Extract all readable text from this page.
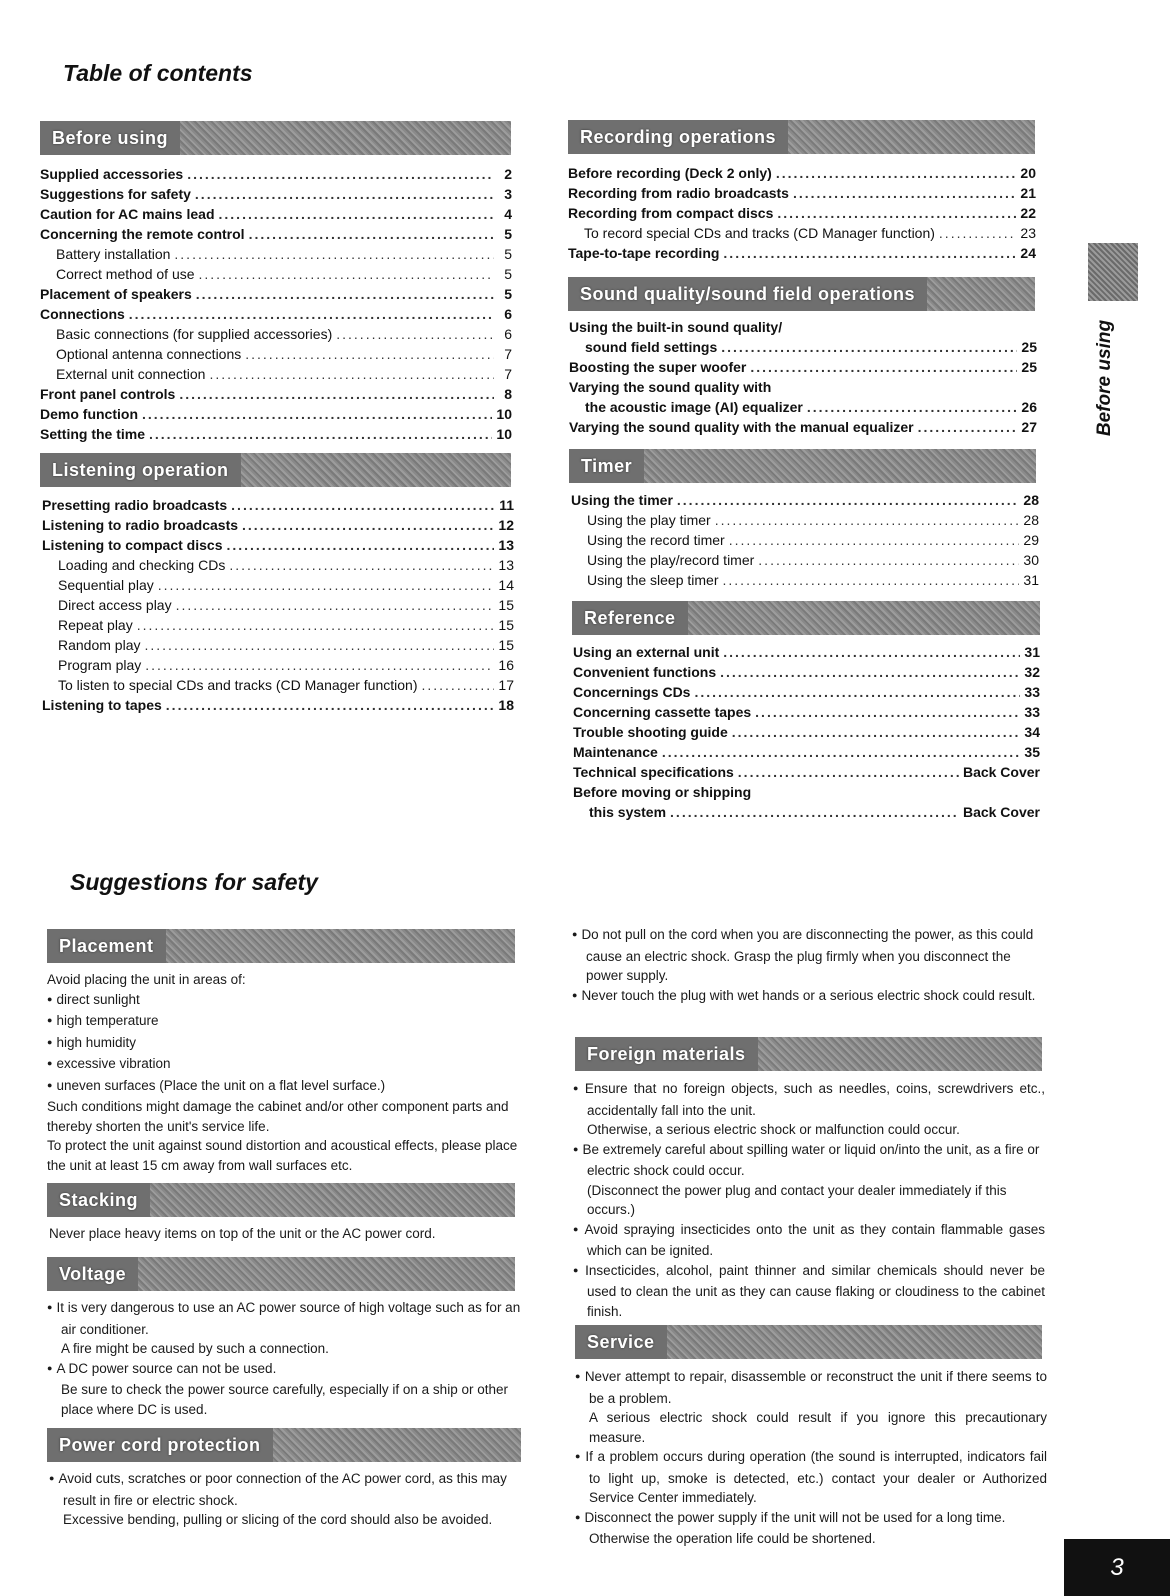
Table of contents
Before using
Supplied accessories .....	2
Suggestions for safety .....	3
Caution for AC mains lead .....	4
Concerning the remote control .....	5
Battery installation .....	5
Correct method of use .....	5
Placement of speakers .....	5
Connections .....	6
Basic connections (for supplied accessories) .....	6
Optional antenna connections .....	7
External unit connection .....	7
Front panel controls .....	8
Demo function .....	10
Setting the time .....	10
Listening operation
Presetting radio broadcasts .....	11
Listening to radio broadcasts .....	12
Listening to compact discs .....	13
Loading and checking CDs .....	13
Sequential play .....	14
Direct access play .....	15
Repeat play .....	15
Random play .....	15
Program play .....	16
To listen to special CDs and tracks (CD Manager function) .....	17
Listening to tapes .....	18
Recording operations
Before recording (Deck 2 only) .....	20
Recording from radio broadcasts .....	21
Recording from compact discs .....	22
To record special CDs and tracks (CD Manager function) .....	23
Tape-to-tape recording .....	24
Sound quality/sound field operations
Using the built-in sound quality/
sound field settings .....	25
Boosting the super woofer .....	25
Varying the sound quality with
the acoustic image (AI) equalizer .....	26
Varying the sound quality with the manual equalizer .....	27
Timer
Using the timer .....	28
Using the play timer .....	28
Using the record timer .....	29
Using the play/record timer .....	30
Using the sleep timer .....	31
Reference
Using an external unit .....	31
Convenient functions .....	32
Concernings CDs .....	33
Concerning cassette tapes .....	33
Trouble shooting guide .....	34
Maintenance .....	35
Technical specifications .....	Back Cover
Before moving or shipping
this system .....	Back Cover
Before using
Suggestions for safety
Placement

Avoid placing the unit in areas of:

● direct sunlight

● high temperature

● high humidity

● excessive vibration

● uneven surfaces (Place the unit on a flat level surface.)

Such conditions might damage the cabinet and/or other component parts and thereby shorten the unit's service life.

To protect the unit against sound distortion and acoustical effects, please place the unit at least 15 cm away from wall surfaces etc.

Stacking

Never place heavy items on top of the unit or the AC power cord.

Voltage

● It is very dangerous to use an AC power source of high voltage such as for an air conditioner.

A fire might be caused by such a connection.

● A DC power source can not be used.

Be sure to check the power source carefully, especially if on a ship or other place where DC is used.

Power cord protection

● Avoid cuts, scratches or poor connection of the AC power cord, as this may result in fire or electric shock.

Excessive bending, pulling or slicing of the cord should also be avoided.

● Do not pull on the cord when you are disconnecting the power, as this could cause an electric shock. Grasp the plug firmly when you disconnect the power supply.

● Never touch the plug with wet hands or a serious electric shock could result.

Foreign materials

● Ensure that no foreign objects, such as needles, coins, screwdrivers etc., accidentally fall into the unit.

Otherwise, a serious electric shock or malfunction could occur.

● Be extremely careful about spilling water or liquid on/into the unit, as a fire or electric shock could occur.

(Disconnect the power plug and contact your dealer immediately if this occurs.)

● Avoid spraying insecticides onto the unit as they contain flammable gases which can be ignited.

● Insecticides, alcohol, paint thinner and similar chemicals should never be used to clean the unit as they can cause flaking or cloudiness to the cabinet finish.

Service

● Never attempt to repair, disassemble or reconstruct the unit if there seems to be a problem.

A serious electric shock could result if you ignore this precautionary measure.

● If a problem occurs during operation (the sound is interrupted, indicators fail to light up, smoke is detected, etc.) contact your dealer or Authorized Service Center immediately.

● Disconnect the power supply if the unit will not be used for a long time. Otherwise the operation life could be shortened.

3
